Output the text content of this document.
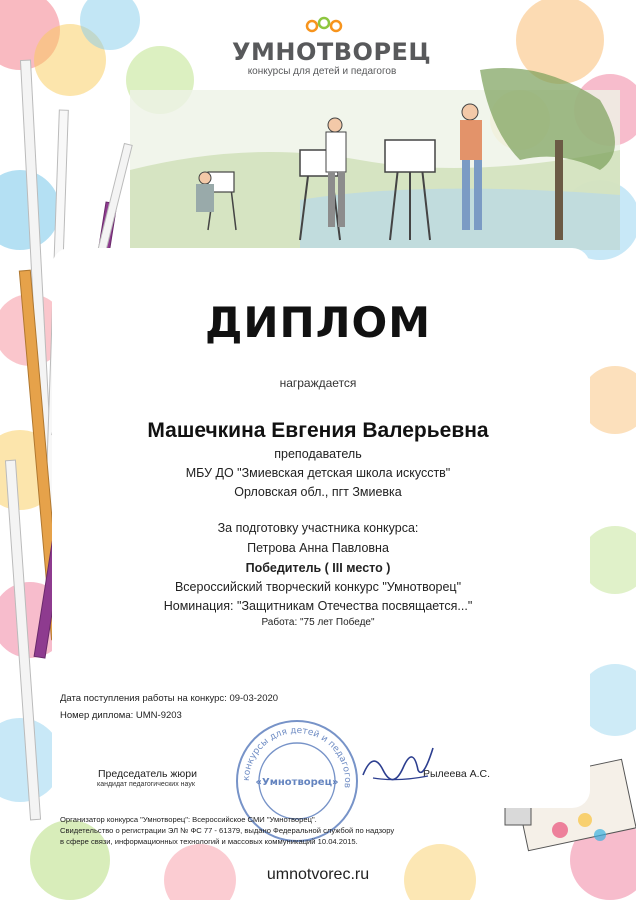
УМНОТВОРЕЦ
конкурсы для детей и педагогов
ДИПЛОМ
награждается
Машечкина Евгения Валерьевна
преподаватель
МБУ ДО "Змиевская детская школа искусств"
Орловская обл., пгт Змиевка
За подготовку участника конкурса:
Петрова Анна Павловна
Победитель ( III место )
Всероссийский творческий конкурс "Умнотворец"
Номинация: "Защитникам Отечества посвящается..."
Работа: "75 лет Победе"
Дата поступления работы на конкурс: 09-03-2020
Номер диплома: UMN-9203
Председатель жюри
кандидат педагогических наук
Рылеева А.С.
конкурсы для детей и педагогов
«Умнотворец»
Организатор конкурса "Умнотворец": Всероссийское СМИ "Умнотворец".
Свидетельство о регистрации ЭЛ № ФС 77 - 61379, выдано Федеральной службой по надзору
в сфере связи, информационных технологий и массовых коммуникаций 10.04.2015.
umnotvorec.ru
